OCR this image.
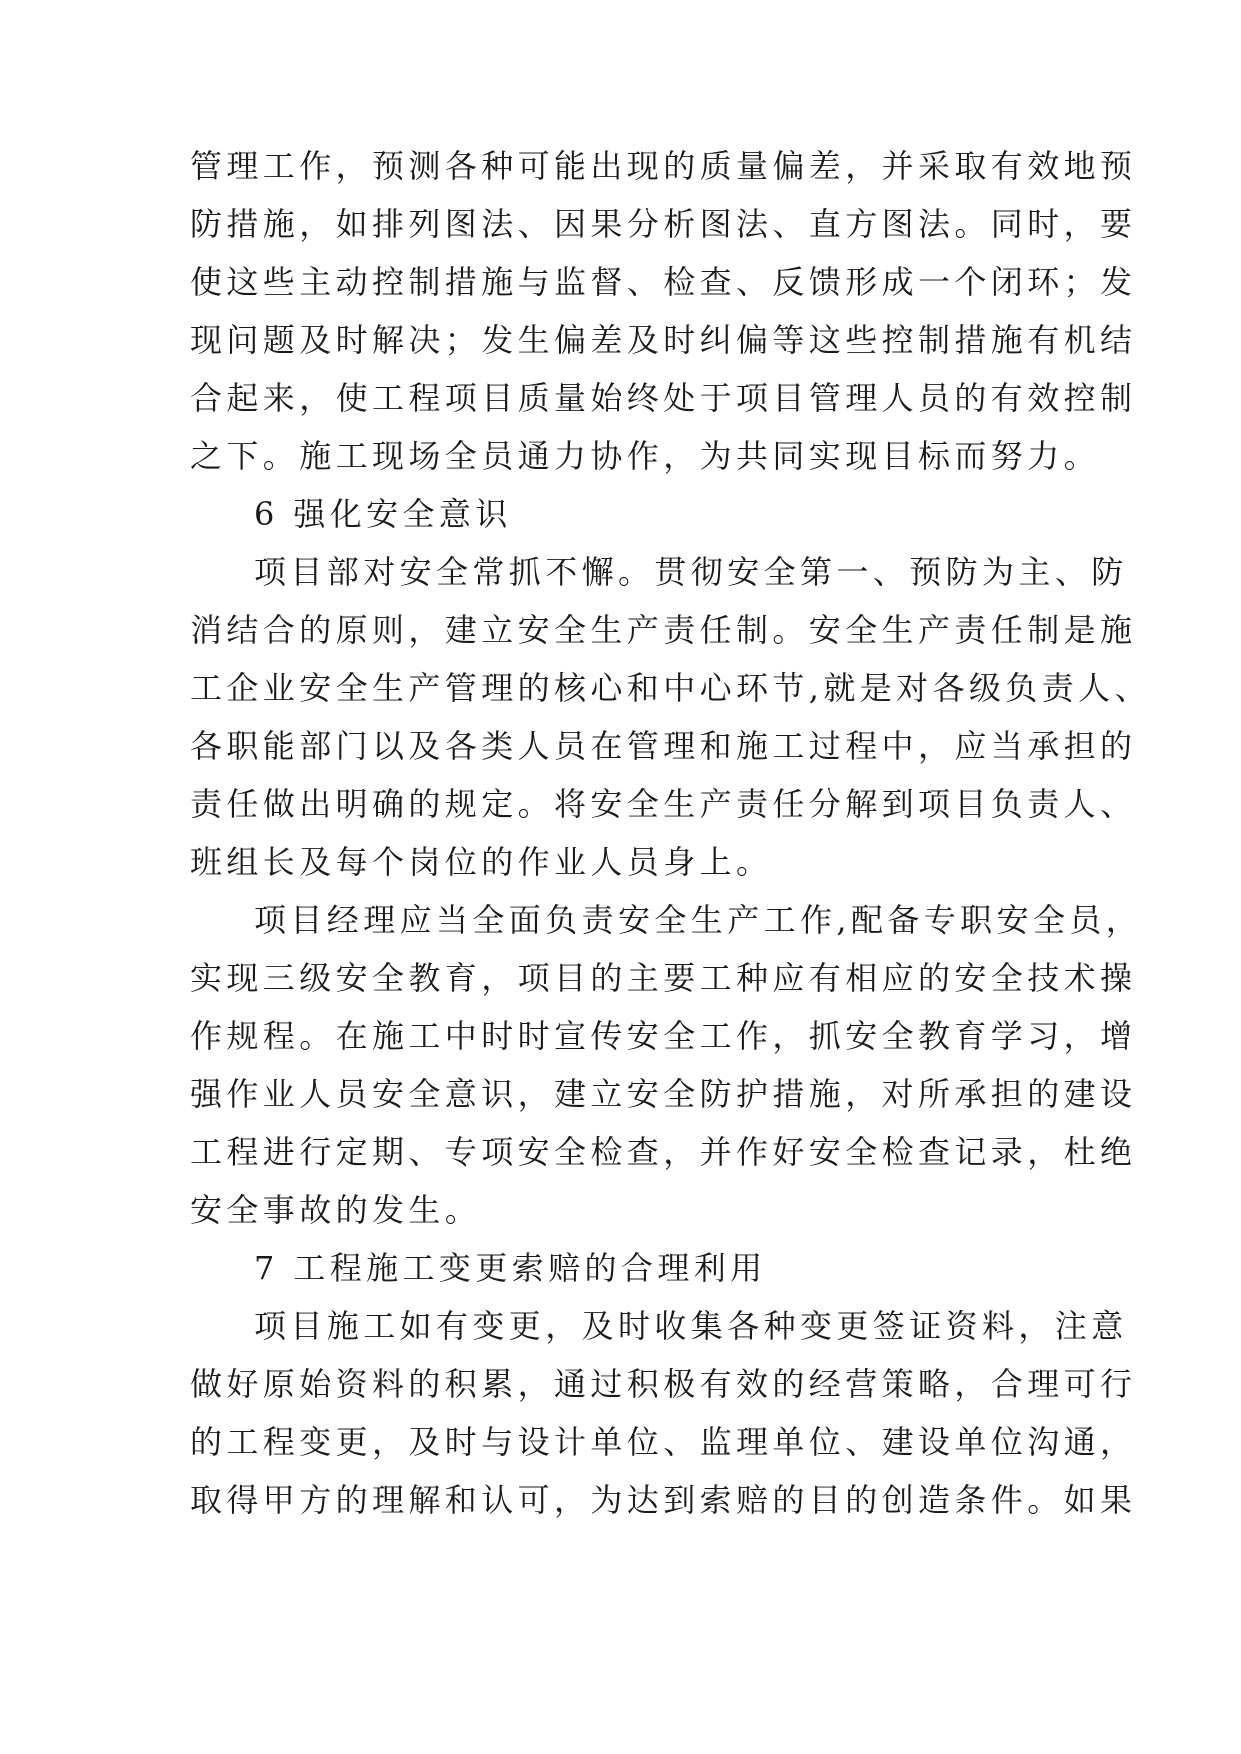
管理工作，预测各种可能出现的质量偏差，并采取有效地预
防措施，如排列图法、因果分析图法、直方图法。同时，要
使这些主动控制措施与监督、检查、反馈形成一个闭环；发
现问题及时解决；发生偏差及时纠偏等这些控制措施有机结
合起来，使工程项目质量始终处于项目管理人员的有效控制
之下。施工现场全员通力协作，为共同实现目标而努力。
6 强化安全意识
项目部对安全常抓不懈。贯彻安全第一、预防为主、防
消结合的原则，建立安全生产责任制。安全生产责任制是施
工企业安全生产管理的核心和中心环节,就是对各级负责人、
各职能部门以及各类人员在管理和施工过程中，应当承担的
责任做出明确的规定。将安全生产责任分解到项目负责人、
班组长及每个岗位的作业人员身上。
项目经理应当全面负责安全生产工作,配备专职安全员，
实现三级安全教育，项目的主要工种应有相应的安全技术操
作规程。在施工中时时宣传安全工作，抓安全教育学习，增
强作业人员安全意识，建立安全防护措施，对所承担的建设
工程进行定期、专项安全检查，并作好安全检查记录，杜绝
安全事故的发生。
7 工程施工变更索赔的合理利用
项目施工如有变更，及时收集各种变更签证资料，注意
做好原始资料的积累，通过积极有效的经营策略，合理可行
的工程变更，及时与设计单位、监理单位、建设单位沟通，
取得甲方的理解和认可，为达到索赔的目的创造条件。如果
